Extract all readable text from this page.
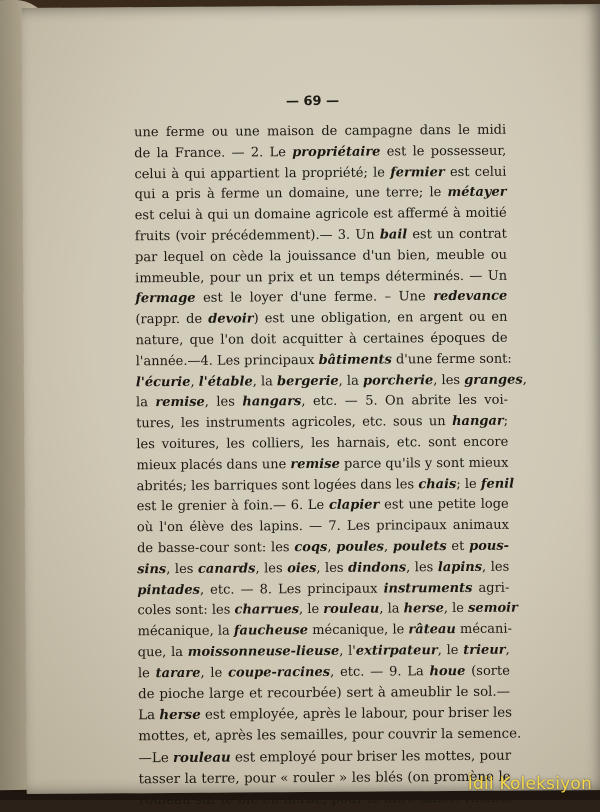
— 69 —
une ferme ou une maison de campagne dans le midi
de la France. — 2. Le propriétaire est le possesseur,
celui à qui appartient la propriété; le fermier est celui
qui a pris à ferme un domaine, une terre; le métayer
est celui à qui un domaine agricole est affermé à moitié
fruits (voir précédemment).— 3. Un bail est un contrat
par lequel on cède la jouissance d'un bien, meuble ou
immeuble, pour un prix et un temps déterminés. — Un
fermage est le loyer d'une ferme. – Une redevance
(rappr. de devoir) est une obligation, en argent ou en
nature, que l'on doit acquitter à certaines époques de
l'année.—4. Les principaux bâtiments d'une ferme sont:
l'écurie, l'étable, la bergerie, la porcherie, les granges,
la remise, les hangars, etc. — 5. On abrite les voi-
tures, les instruments agricoles, etc. sous un hangar;
les voitures, les colliers, les harnais, etc. sont encore
mieux placés dans une remise parce qu'ils y sont mieux
abrités; les barriques sont logées dans les chais; le fenil
est le grenier à foin.— 6. Le clapier est une petite loge
où l'on élève des lapins. — 7. Les principaux animaux
de basse-cour sont: les coqs, poules, poulets et pous-
sins, les canards, les oies, les dindons, les lapins, les
pintades, etc. — 8. Les principaux instruments agri-
coles sont: les charrues, le rouleau, la herse, le semoir
mécanique, la faucheuse mécanique, le râteau mécani-
que, la moissonneuse-lieuse, l'extirpateur, le trieur,
le tarare, le coupe-racines, etc. — 9. La houe (sorte
de pioche large et recourbée) sert à ameublir le sol.—
La herse est employée, après le labour, pour briser les
mottes, et, après les semailles, pour couvrir la semence.
—Le rouleau est employé pour briser les mottes, pour
tasser la terre, pour « rouler » les blés (on promène le
rouleau sur le blé en herbe, pour le faire taller: raciner
İdil Koleksiyon
